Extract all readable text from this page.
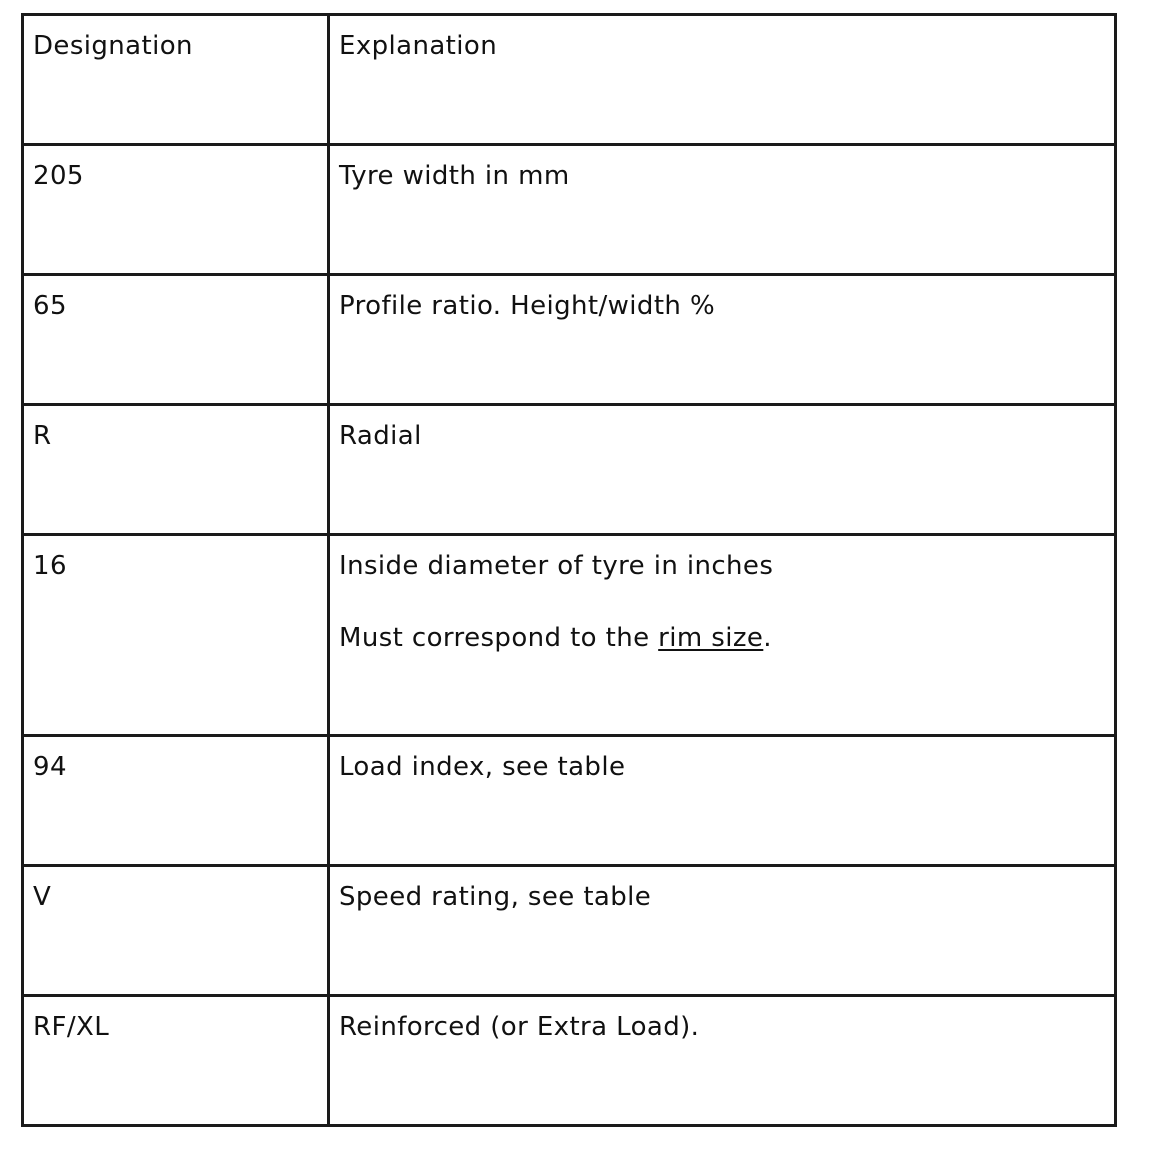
Designation	Explanation
205	Tyre width in mm

65	Profile ratio. Height/width %

R	Radial

16	Inside diameter of tyre in inches
Must correspond to the rim size.

94	Load index, see table

V	Speed rating, see table

RF/XL	Reinforced (or Extra Load).
